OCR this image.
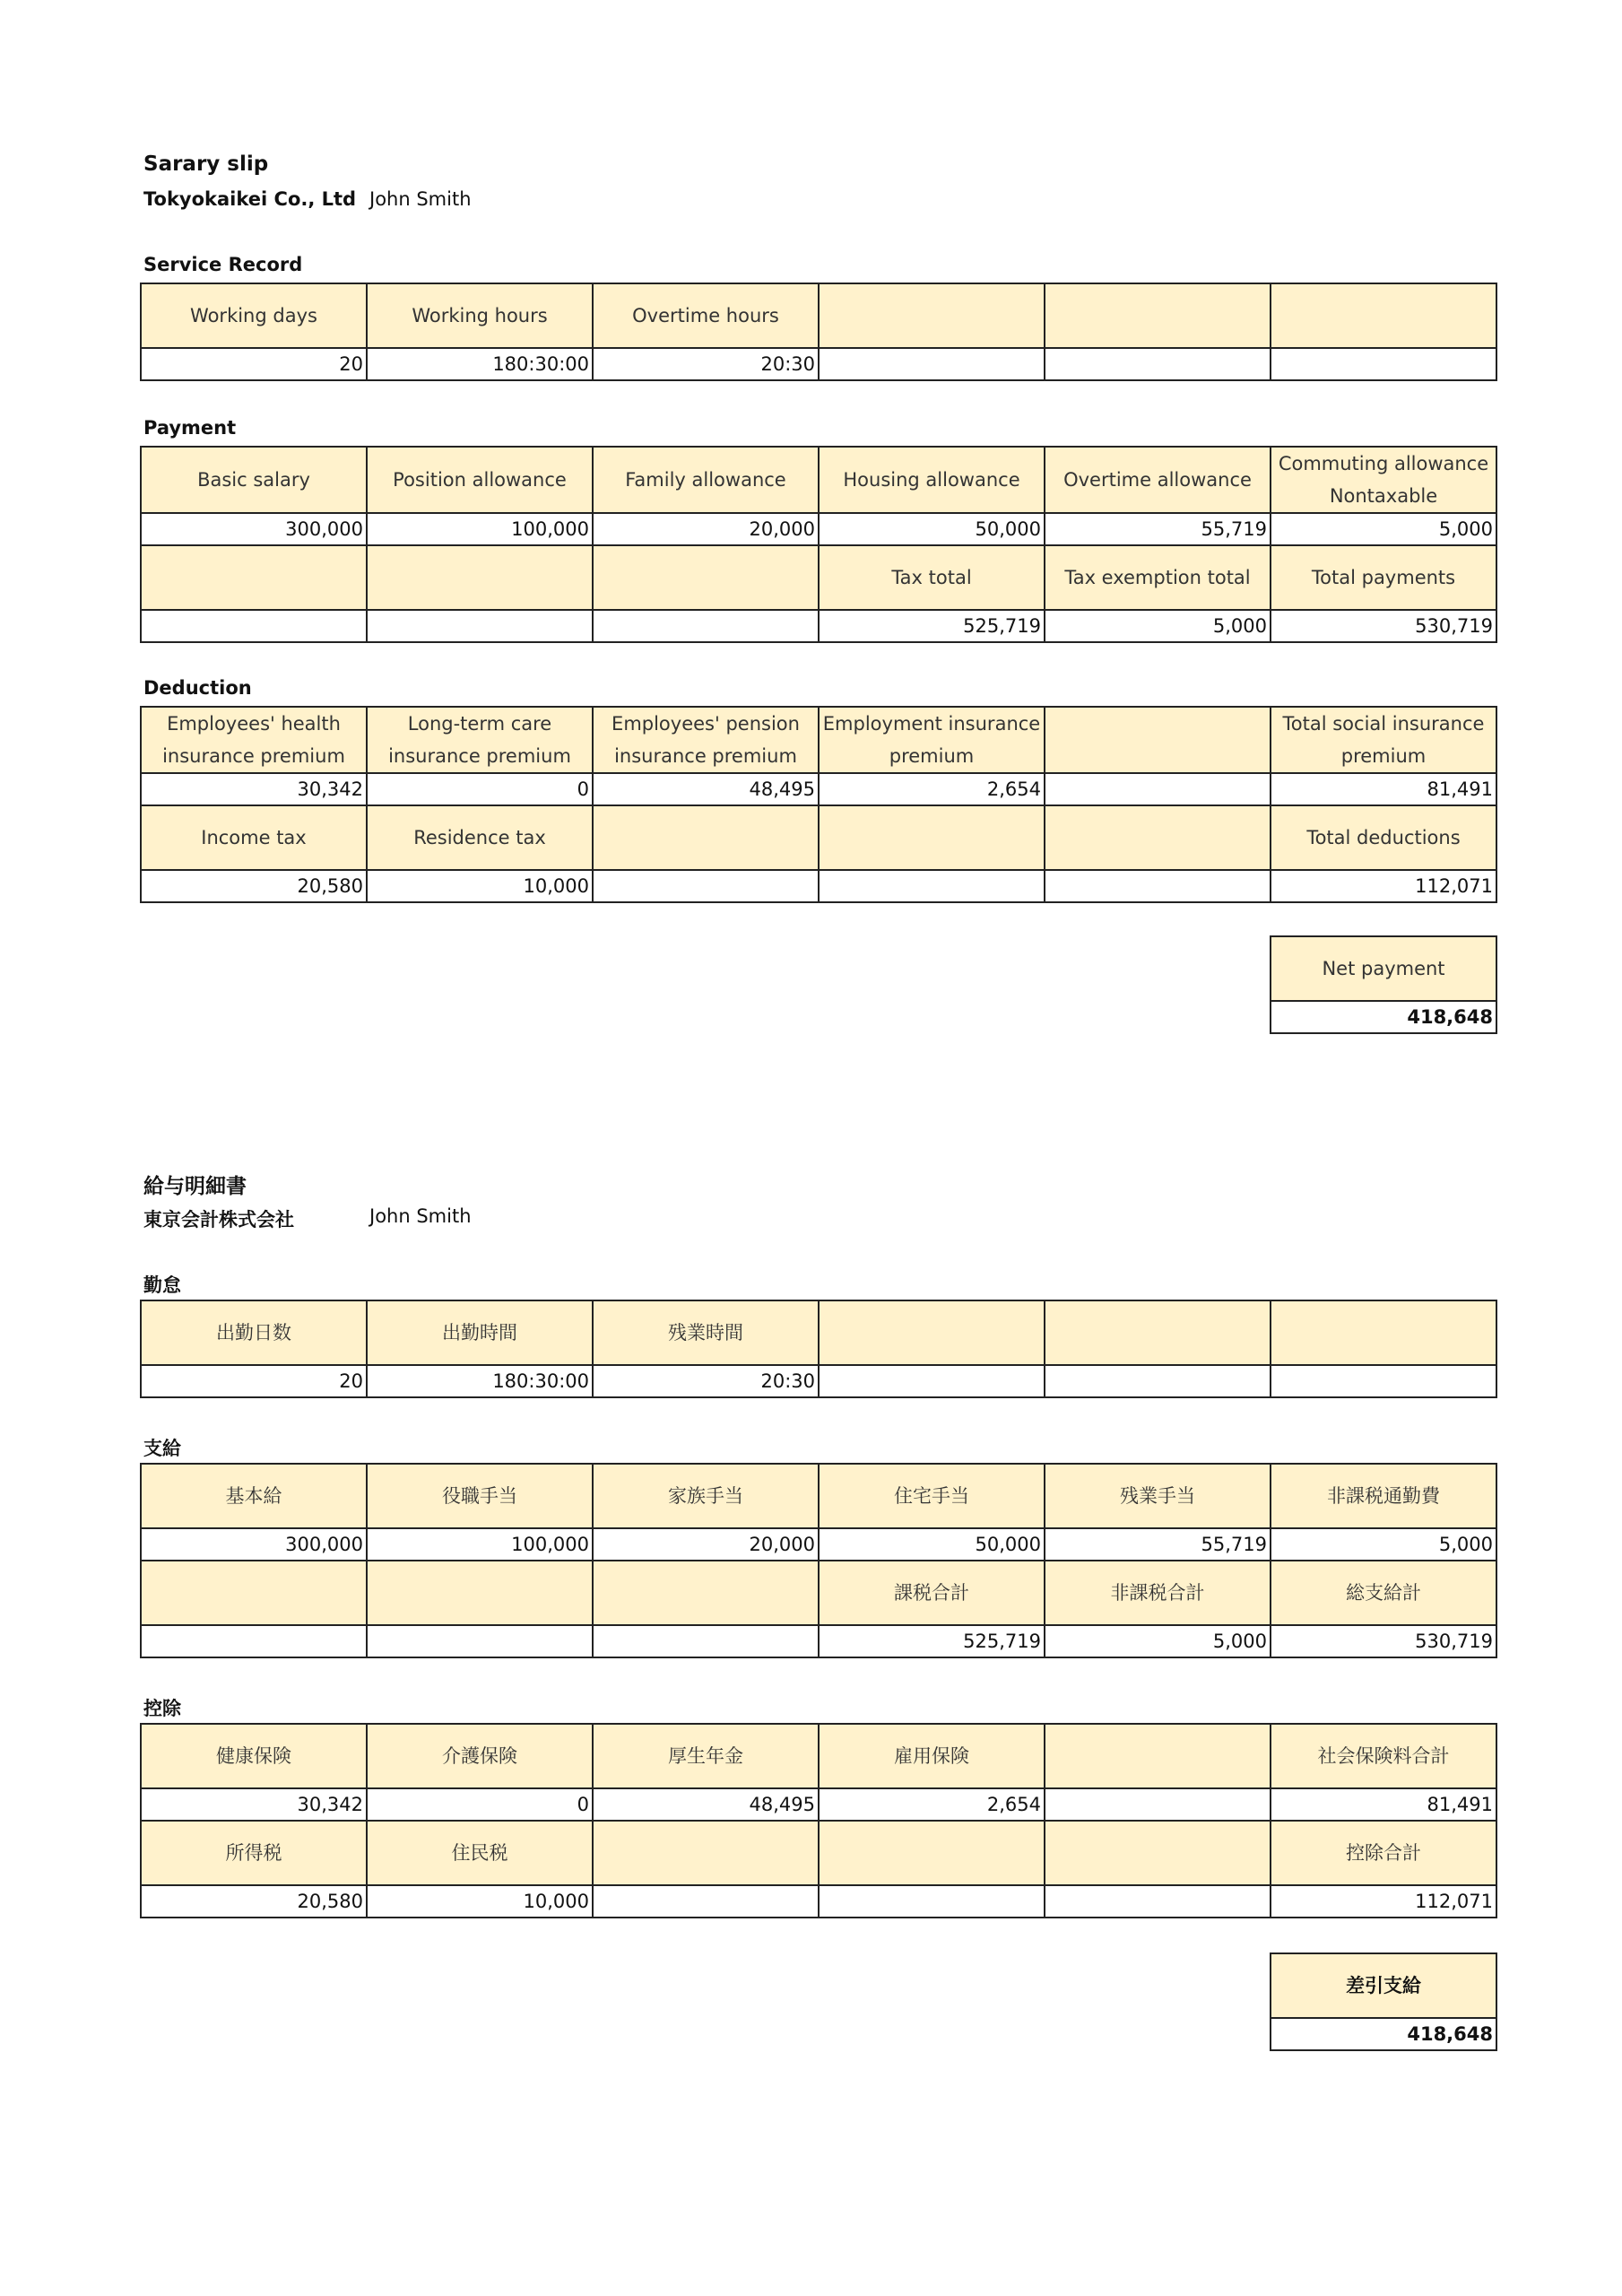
Sarary slip
Tokyokaikei Co., Ltd John Smith
Service Record
Working days	Working hours	Overtime hours			
20	180:30:00	20:30			
Payment
Basic salary	Position allowance	Family allowance	Housing allowance	Overtime allowance	Commuting allowance Nontaxable
300,000	100,000	20,000	50,000	55,719	5,000
			Tax total	Tax exemption total	Total payments
			525,719	5,000	530,719
Deduction
Employees' health insurance premium	Long-term care insurance premium	Employees' pension insurance premium	Employment insurance premium		Total social insurance premium
30,342	0	48,495	2,654		81,491
Income tax	Residence tax				Total deductions
20,580	10,000				112,071
Net payment
418,648
給与明細書
東京会計株式会社	John Smith
勤怠
出勤日数	出勤時間	残業時間			
20	180:30:00	20:30			
支給
基本給	役職手当	家族手当	住宅手当	残業手当	非課税通勤費
300,000	100,000	20,000	50,000	55,719	5,000
			課税合計	非課税合計	総支給計
			525,719	5,000	530,719
控除
健康保険	介護保険	厚生年金	雇用保険		社会保険料合計
30,342	0	48,495	2,654		81,491
所得税	住民税				控除合計
20,580	10,000				112,071
差引支給
418,648
